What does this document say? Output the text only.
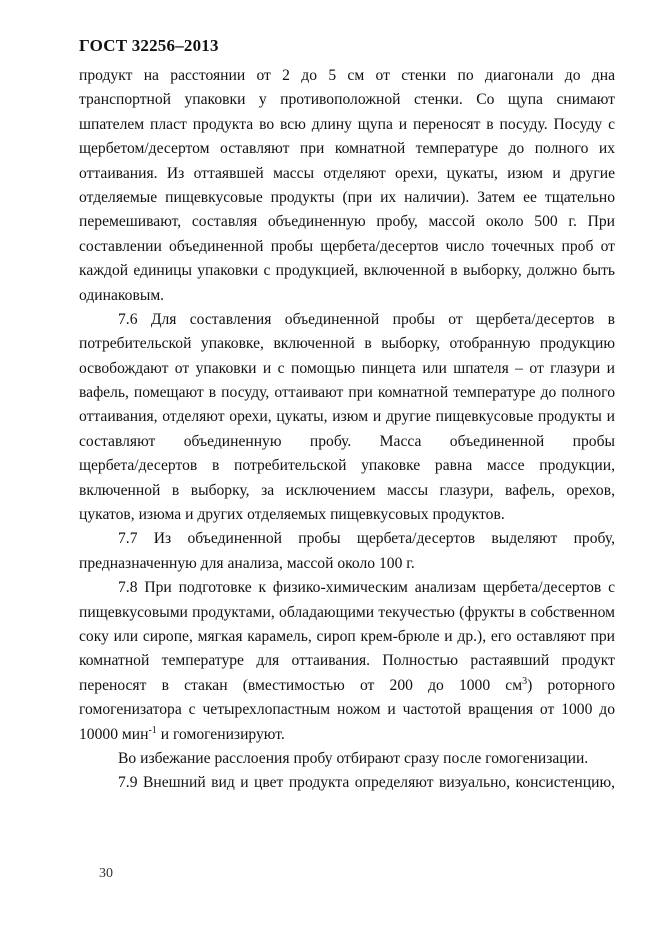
ГОСТ 32256–2013
продукт на расстоянии от 2 до 5 см от стенки по диагонали до дна
транспортной упаковки у противоположной стенки. Со щупа снимают
шпателем пласт продукта во всю длину щупа и переносят в посуду. Посуду с
щербетом/десертом оставляют при комнатной температуре до полного их
оттаивания. Из оттаявшей массы отделяют орехи, цукаты, изюм и другие
отделяемые пищевкусовые продукты (при их наличии). Затем ее тщательно
перемешивают, составляя объединенную пробу, массой около 500 г. При
составлении объединенной пробы щербета/десертов число точечных проб от
каждой единицы упаковки с продукцией, включенной в выборку, должно быть
одинаковым.
7.6 Для составления объединенной пробы от щербета/десертов в
потребительской упаковке, включенной в выборку, отобранную продукцию
освобождают от упаковки и с помощью пинцета или шпателя – от глазури и
вафель, помещают в посуду, оттаивают при комнатной температуре до полного
оттаивания, отделяют орехи, цукаты, изюм и другие пищевкусовые продукты и
составляют объединенную пробу. Масса объединенной пробы
щербета/десертов в потребительской упаковке равна массе продукции,
включенной в выборку, за исключением массы глазури, вафель, орехов,
цукатов, изюма и других отделяемых пищевкусовых продуктов.
7.7 Из объединенной пробы щербета/десертов выделяют пробу,
предназначенную для анализа, массой около 100 г.
7.8 При подготовке к физико-химическим анализам щербета/десертов с
пищевкусовыми продуктами, обладающими текучестью (фрукты в собственном
соку или сиропе, мягкая карамель, сироп крем-брюле и др.), его оставляют при
комнатной температуре для оттаивания. Полностью растаявший продукт
переносят в стакан (вместимостью от 200 до 1000 $см^3$) роторного
гомогенизатора с четырехлопастным ножом и частотой вращения от 1000 до
10000 мин$^{-1}$ и гомогенизируют.
Во избежание расслоения пробу отбирают сразу после гомогенизации.
7.9 Внешний вид и цвет продукта определяют визуально, консистенцию,
30
